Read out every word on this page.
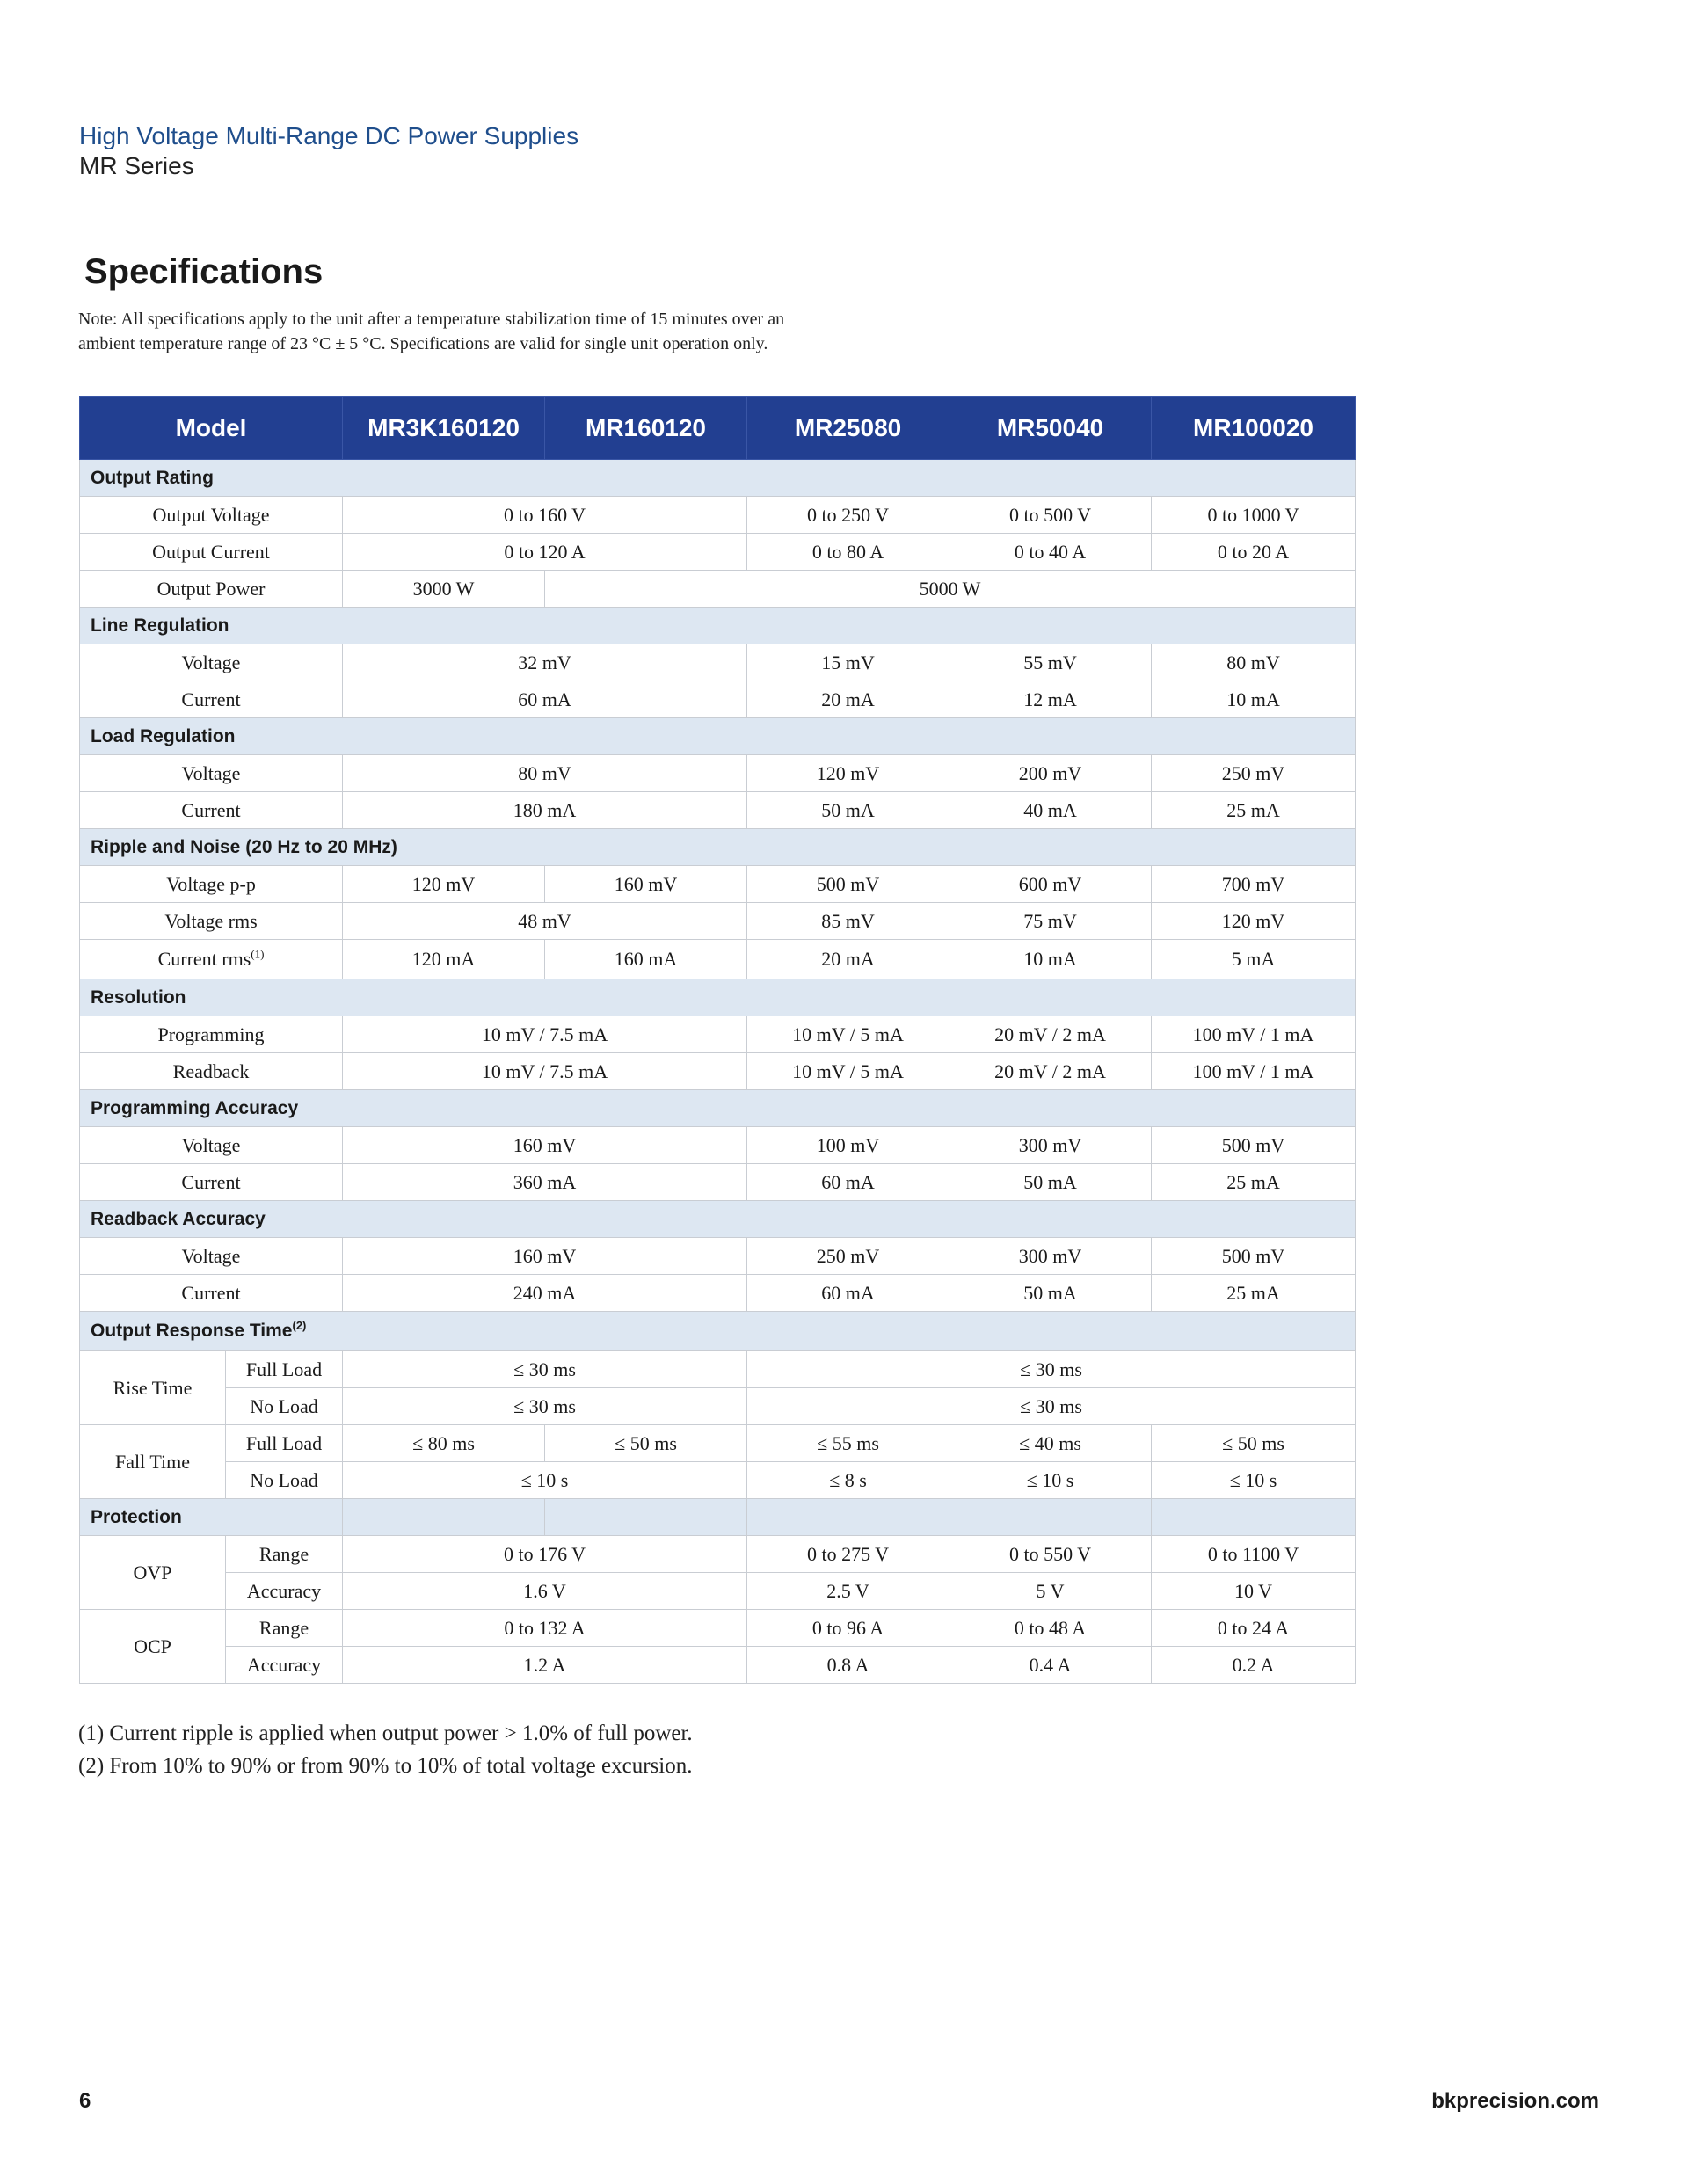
High Voltage Multi-Range DC Power Supplies
MR Series
Specifications
Note: All specifications apply to the unit after a temperature stabilization time of 15 minutes over an
ambient temperature range of 23 °C ± 5 °C. Specifications are valid for single unit operation only.
Model		MR3K160120	MR160120	MR25080	MR50040	MR100020
Output Rating						
Output Voltage		0 to 160 V		0 to 250 V	0 to 500 V	0 to 1000 V
Output Current		0 to 120 A		0 to 80 A	0 to 40 A	0 to 20 A
Output Power		3000 W	5000 W			
Line Regulation						
Voltage		32 mV		15 mV	55 mV	80 mV
Current		60 mA		20 mA	12 mA	10 mA
Load Regulation						
Voltage		80 mV		120 mV	200 mV	250 mV
Current		180 mA		50 mA	40 mA	25 mA
Ripple and Noise (20 Hz to 20 MHz)						
Voltage p-p		120 mV	160 mV	500 mV	600 mV	700 mV
Voltage rms		48 mV		85 mV	75 mV	120 mV
Current rms$^{(1)}$		120 mA	160 mA	20 mA	10 mA	5 mA
Resolution						
Programming		10 mV / 7.5 mA		10 mV / 5 mA	20 mV / 2 mA	100 mV / 1 mA
Readback		10 mV / 7.5 mA		10 mV / 5 mA	20 mV / 2 mA	100 mV / 1 mA
Programming Accuracy						
Voltage		160 mV		100 mV	300 mV	500 mV
Current		360 mA		60 mA	50 mA	25 mA
Readback Accuracy						
Voltage		160 mV		250 mV	300 mV	500 mV
Current		240 mA		60 mA	50 mA	25 mA
Output Response Time$^{(2)}$
Rise Time	Full Load	≤ 30 ms		≤ 30 ms		
	No Load	≤ 30 ms		≤ 30 ms		
Fall Time	Full Load	≤ 80 ms	≤ 50 ms	≤ 55 ms	≤ 40 ms	≤ 50 ms
	No Load	≤ 10 s		≤ 8 s	≤ 10 s	≤ 10 s
Protection						
OVP	Range	0 to 176 V		0 to 275 V	0 to 550 V	0 to 1100 V
	Accuracy	1.6 V		2.5 V	5 V	10 V
OCP	Range	0 to 132 A		0 to 96 A	0 to 48 A	0 to 24 A
	Accuracy	1.2 A		0.8 A	0.4 A	0.2 A
(1) Current ripple is applied when output power > 1.0% of full power.
(2) From 10% to 90% or from 90% to 10% of total voltage excursion.
6	bkprecision.com
